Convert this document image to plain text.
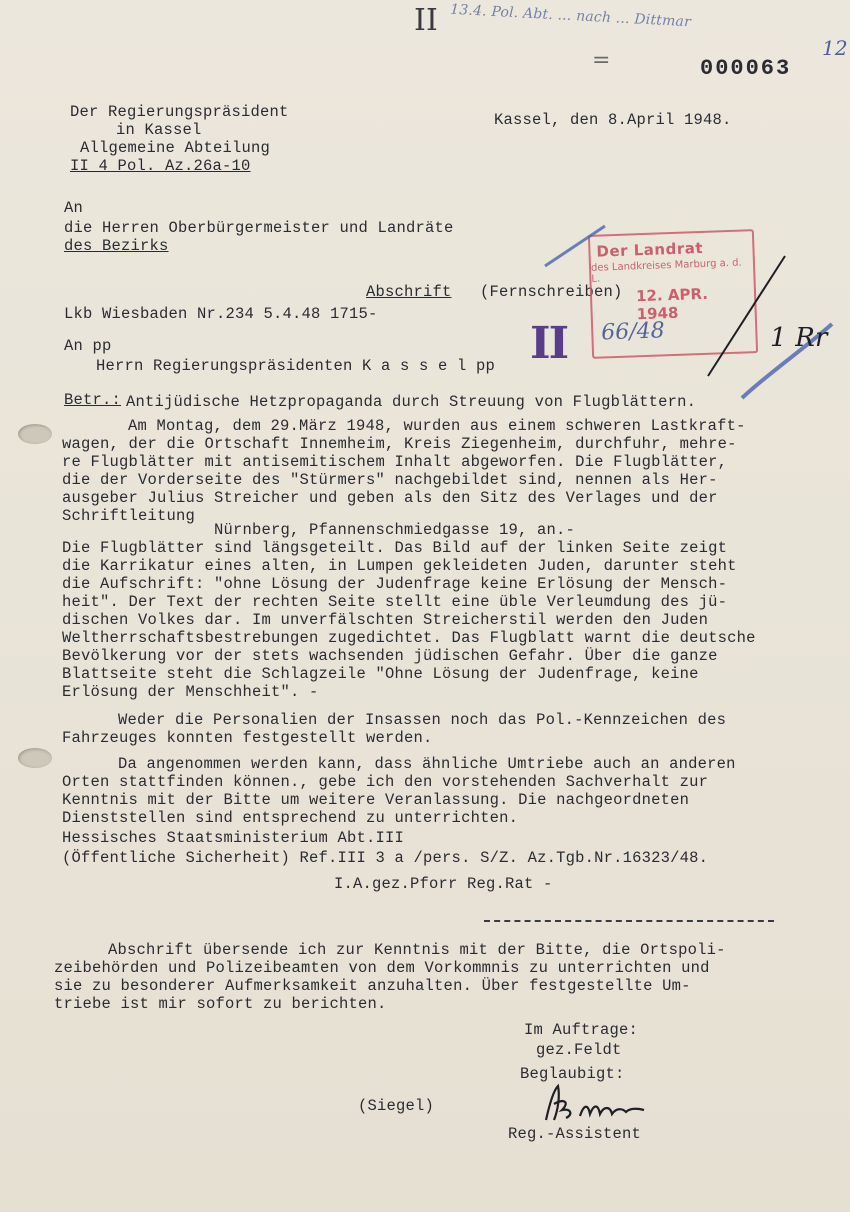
13.4. Pol. Abt. ... nach ... Dittmar
12
II
=	000063
Der Regierungspräsident
in Kassel
Allgemeine Abteilung
II 4 Pol. Az.26a-10
Kassel, den 8.April 1948.
An
die Herren Oberbürgermeister und Landräte
des Bezirks
Abschrift (Fernschreiben)
Lkb Wiesbaden Nr.234 5.4.48 1715-
An pp
Herrn Regierungspräsidenten K a s s e l pp II
Der Landrat
des Landkreises Marburg a. d. L.
12. APR. 1948
66/48	1 Rr
Betr.: Antijüdische Hetzpropaganda durch Streuung von Flugblättern.
Am Montag, dem 29.März 1948, wurden aus einem schweren Lastkraft-
wagen, der die Ortschaft Innemheim, Kreis Ziegenheim, durchfuhr, mehre-
re Flugblätter mit antisemitischem Inhalt abgeworfen. Die Flugblätter,
die der Vorderseite des "Stürmers" nachgebildet sind, nennen als Her-
ausgeber Julius Streicher und geben als den Sitz des Verlages und der
Schriftleitung
Nürnberg, Pfannenschmiedgasse 19, an.-
Die Flugblätter sind längsgeteilt. Das Bild auf der linken Seite zeigt
die Karrikatur eines alten, in Lumpen gekleideten Juden, darunter steht
die Aufschrift: "ohne Lösung der Judenfrage keine Erlösung der Mensch-
heit". Der Text der rechten Seite stellt eine üble Verleumdung des jü-
dischen Volkes dar. Im unverfälschten Streicherstil werden den Juden
Weltherrschaftsbestrebungen zugedichtet. Das Flugblatt warnt die deutsche
Bevölkerung vor der stets wachsenden jüdischen Gefahr. Über die ganze
Blattseite steht die Schlagzeile "Ohne Lösung der Judenfrage, keine
Erlösung der Menschheit". -
Weder die Personalien der Insassen noch das Pol.-Kennzeichen des
Fahrzeuges konnten festgestellt werden.
Da angenommen werden kann, dass ähnliche Umtriebe auch an anderen
Orten stattfinden können., gebe ich den vorstehenden Sachverhalt zur
Kenntnis mit der Bitte um weitere Veranlassung. Die nachgeordneten
Dienststellen sind entsprechend zu unterrichten.
Hessisches Staatsministerium Abt.III
(Öffentliche Sicherheit) Ref.III 3 a /pers. S/Z. Az.Tgb.Nr.16323/48.
I.A.gez.Pforr Reg.Rat -
Abschrift übersende ich zur Kenntnis mit der Bitte, die Ortspoli-
zeibehörden und Polizeibeamten von dem Vorkommnis zu unterrichten und
sie zu besonderer Aufmerksamkeit anzuhalten. Über festgestellte Um-
triebe ist mir sofort zu berichten.
Im Auftrage:
gez.Feldt
Beglaubigt:
(Siegel)
Reg.-Assistent
